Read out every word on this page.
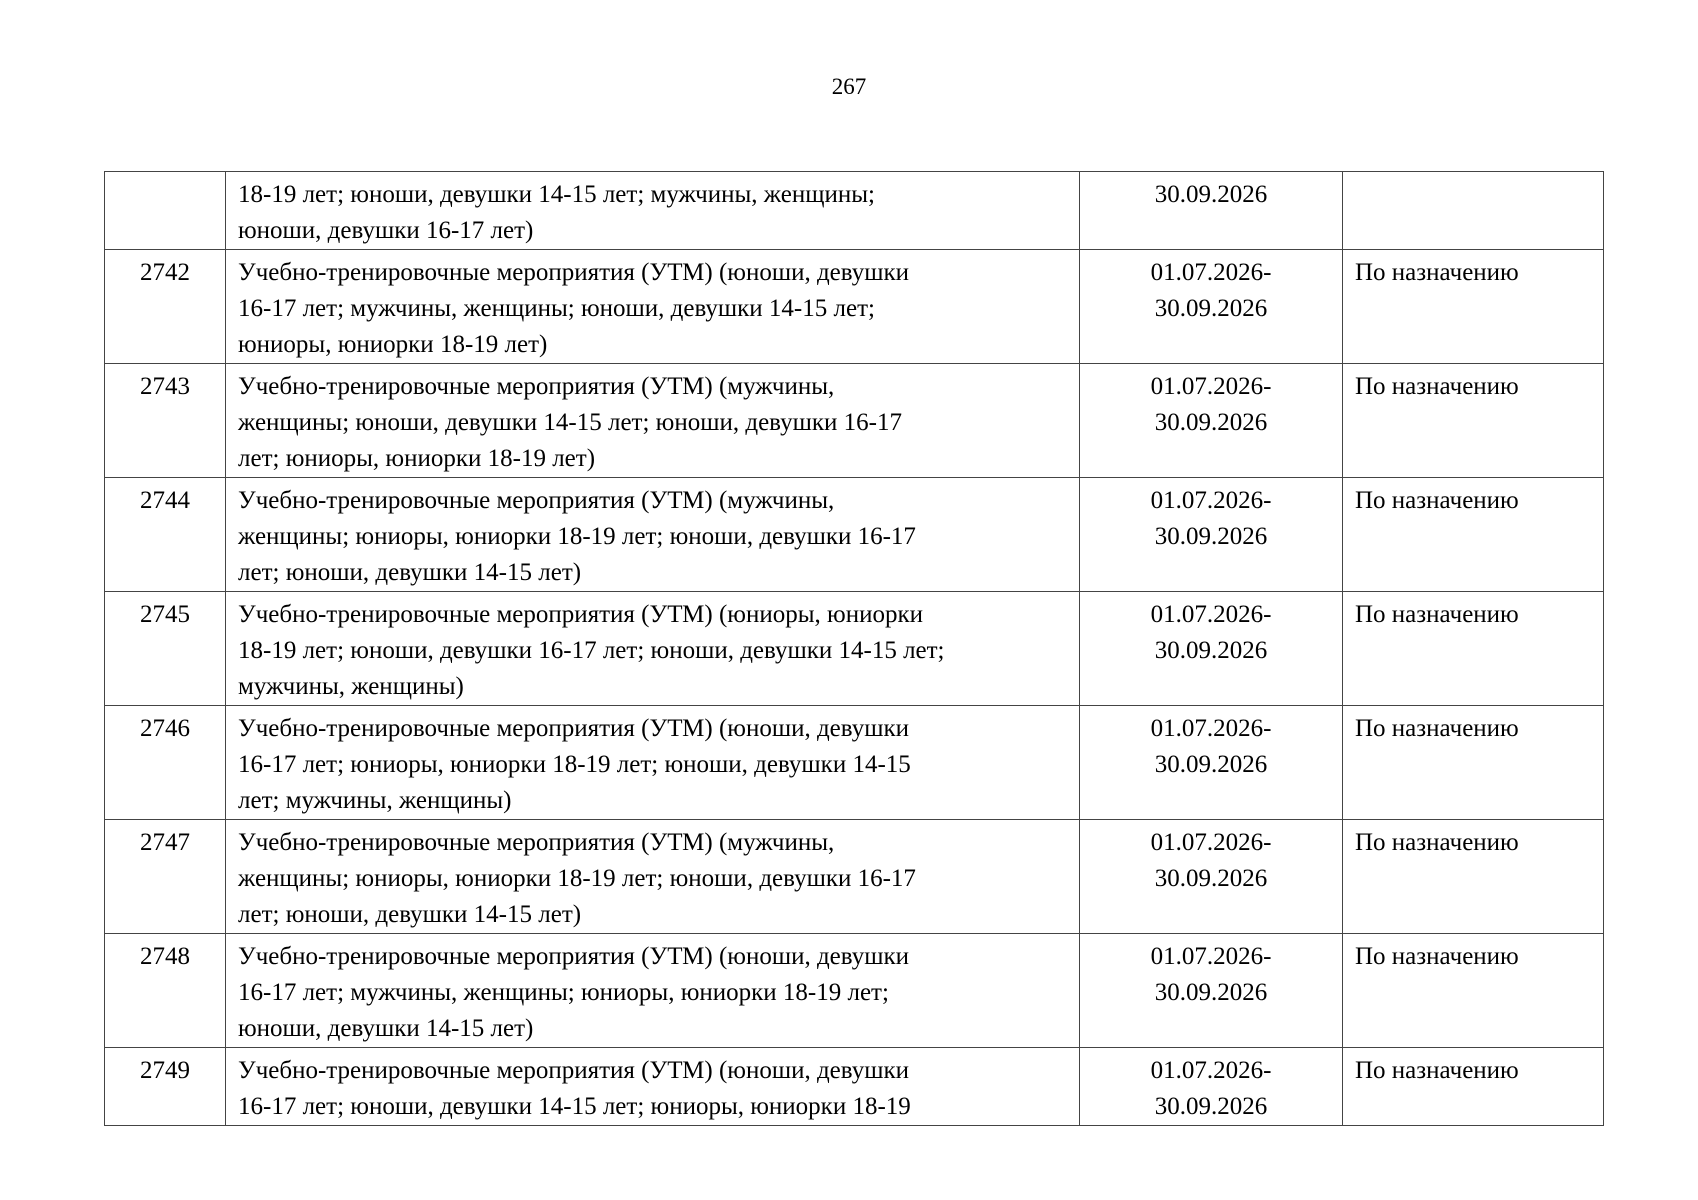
267

	18-19 лет; юноши, девушки 14-15 лет; мужчины, женщины;
юноши, девушки 16-17 лет)	30.09.2026	

2742	Учебно-тренировочные мероприятия (УТМ) (юноши, девушки
16-17 лет; мужчины, женщины; юноши, девушки 14-15 лет;
юниоры, юниорки 18-19 лет)	01.07.2026-
30.09.2026	По назначению
2743	Учебно-тренировочные мероприятия (УТМ) (мужчины,
женщины; юноши, девушки 14-15 лет; юноши, девушки 16-17
лет; юниоры, юниорки 18-19 лет)	01.07.2026-
30.09.2026	По назначению
2744	Учебно-тренировочные мероприятия (УТМ) (мужчины,
женщины; юниоры, юниорки 18-19 лет; юноши, девушки 16-17
лет; юноши, девушки 14-15 лет)	01.07.2026-
30.09.2026	По назначению
2745	Учебно-тренировочные мероприятия (УТМ) (юниоры, юниорки
18-19 лет; юноши, девушки 16-17 лет; юноши, девушки 14-15 лет;
мужчины, женщины)	01.07.2026-
30.09.2026	По назначению
2746	Учебно-тренировочные мероприятия (УТМ) (юноши, девушки
16-17 лет; юниоры, юниорки 18-19 лет; юноши, девушки 14-15
лет; мужчины, женщины)	01.07.2026-
30.09.2026	По назначению
2747	Учебно-тренировочные мероприятия (УТМ) (мужчины,
женщины; юниоры, юниорки 18-19 лет; юноши, девушки 16-17
лет; юноши, девушки 14-15 лет)	01.07.2026-
30.09.2026	По назначению
2748	Учебно-тренировочные мероприятия (УТМ) (юноши, девушки
16-17 лет; мужчины, женщины; юниоры, юниорки 18-19 лет;
юноши, девушки 14-15 лет)	01.07.2026-
30.09.2026	По назначению
2749	Учебно-тренировочные мероприятия (УТМ) (юноши, девушки
16-17 лет; юноши, девушки 14-15 лет; юниоры, юниорки 18-19	01.07.2026-
30.09.2026	По назначению
